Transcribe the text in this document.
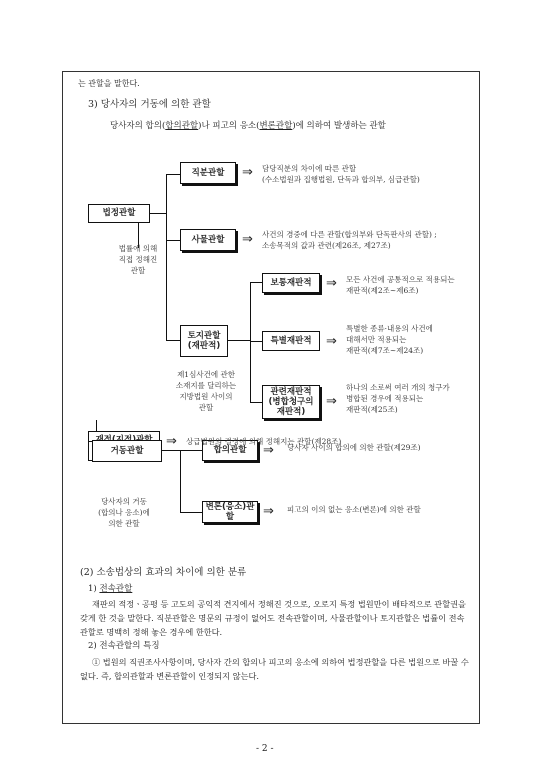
는 관할을 말한다.
3) 당사자의 거동에 의한 관할
당사자의 합의(합의관할)나 피고의 응소(변론관할)에 의하여 발생하는 관할
법정관할
직분관할
사물관할
토지관할(재판적)
보통재판적
특별재판적
관련재판적(병합청구의재판적)
거동관할	합의관할
변론(응소)관할
⇒
⇒
⇒
⇒
⇒
⇒
⇒
⇒
담당직분의 차이에 따른 관할
(수소법원과 집행법원, 단독과 합의부, 심급관할)
사건의 경중에 다른 관할(합의부와 단독판사의 관할) ;
소송목적의 값과 관련(제26조, 제27조)
모든 사건에 공통적으로 적용되는
재판적(제2조~제6조)
특별한 종류·내용의 사건에
대해서만 적용되는
재판적(제7조~제24조)
하나의 소로써 여러 개의 청구가
병합된 경우에 적용되는
재판적(제25조)
상급법원의 결정에 의해 정해지는 관할(제28조)
당사자 사이의 합의에 의한 관할(제29조)
피고의 이의 없는 응소(변론)에 의한 관할
법률에 의해
직접 정해진
관할
제1심사건에 관한
소재지를 달리하는
지방법원 사이의
관할
당사자의 거동
(합의나 응소)에
의한 관할
(2) 소송법상의 효과의 차이에 의한 분류
1) 전속관할
재판의 적정ㆍ공평 등 고도의 공익적 견지에서 정해진 것으로, 오로지 특정 법원만이 배타적으로 관할권을 갖게 한 것을 말한다. 직분관할은 명문의 규정이 없어도 전속관할이며, 사물관할이나 토지관할은 법률이 전속관할로 명백히 정해 놓은 경우에 한한다.
2) 전속관할의 특징
① 법원의 직권조사사항이며, 당사자 간의 합의나 피고의 응소에 의하여 법정관할을 다른 법원으로 바꿀 수 없다. 즉, 합의관할과 변론관할이 인정되지 않는다.
- 2 -
